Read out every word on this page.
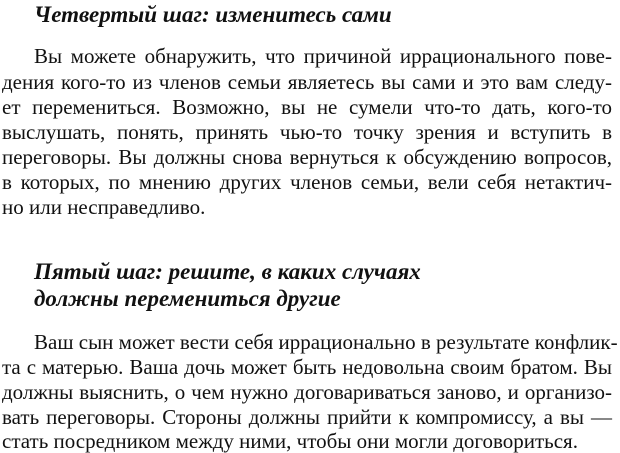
Четвертый шаг: изменитесь сами
Вы можете обнаружить, что причиной иррационального пове-
дения кого-то из членов семьи являетесь вы сами и это вам следу-
ет перемениться. Возможно, вы не сумели что-то дать, кого-то
выслушать, понять, принять чью-то точку зрения и вступить в
переговоры. Вы должны снова вернуться к обсуждению вопросов,
в которых, по мнению других членов семьи, вели себя нетактич-
но или несправедливо.
Пятый шаг: решите, в каких случаях
должны перемениться другие
Ваш сын может вести себя иррационально в результате конфлик-
та с матерью. Ваша дочь может быть недовольна своим братом. Вы
должны выяснить, о чем нужно договариваться заново, и организо-
вать переговоры. Стороны должны прийти к компромиссу, а вы —
стать посредником между ними, чтобы они могли договориться.
